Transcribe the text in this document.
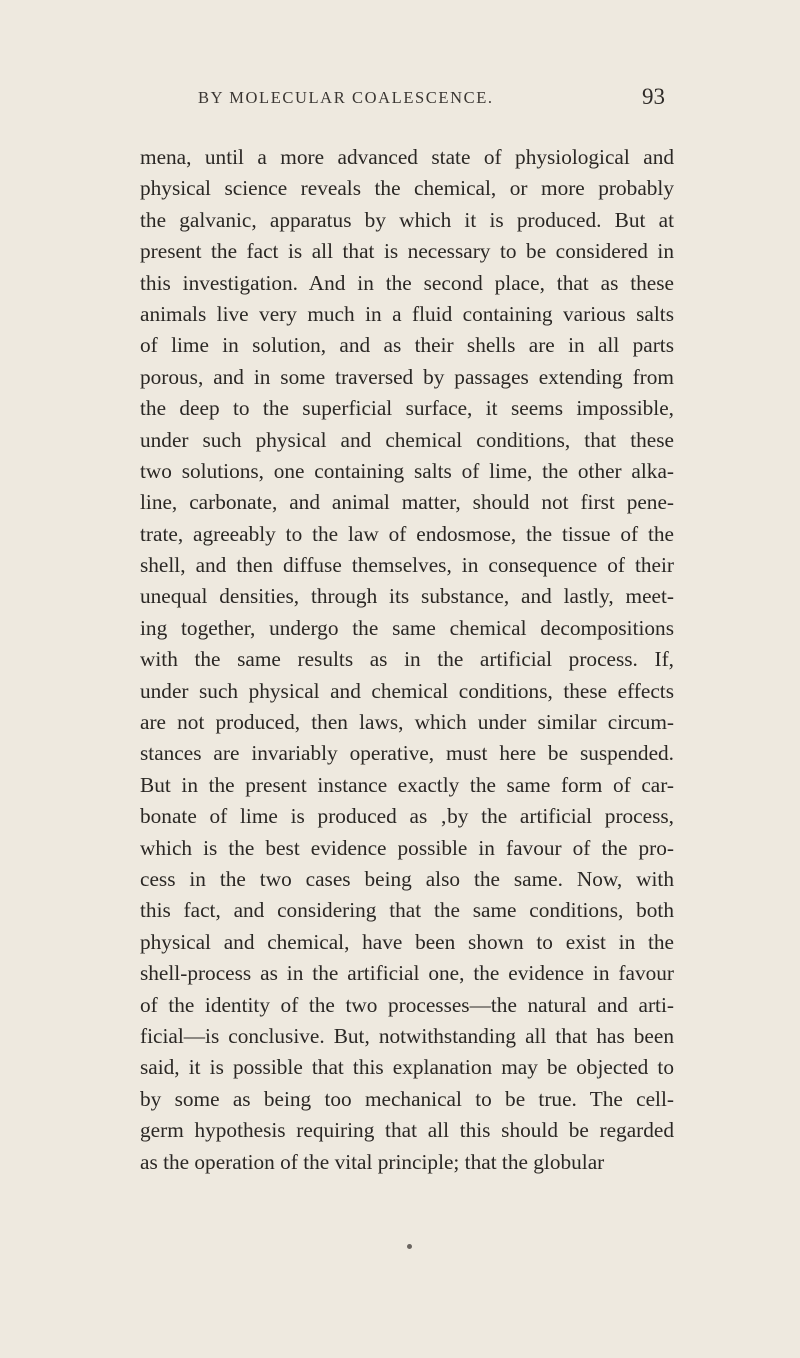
BY MOLECULAR COALESCENCE.	93
mena, until a more advanced state of physiological and
physical science reveals the chemical, or more probably
the galvanic, apparatus by which it is produced. But at
present the fact is all that is necessary to be considered in
this investigation. And in the second place, that as these
animals live very much in a fluid containing various salts
of lime in solution, and as their shells are in all parts
porous, and in some traversed by passages extending from
the deep to the superficial surface, it seems impossible,
under such physical and chemical conditions, that these
two solutions, one containing salts of lime, the other alka-
line, carbonate, and animal matter, should not first pene-
trate, agreeably to the law of endosmose, the tissue of the
shell, and then diffuse themselves, in consequence of their
unequal densities, through its substance, and lastly, meet-
ing together, undergo the same chemical decompositions
with the same results as in the artificial process. If,
under such physical and chemical conditions, these effects
are not produced, then laws, which under similar circum-
stances are invariably operative, must here be suspended.
But in the present instance exactly the same form of car-
bonate of lime is produced as ‚by the artificial process,
which is the best evidence possible in favour of the pro-
cess in the two cases being also the same. Now, with
this fact, and considering that the same conditions, both
physical and chemical, have been shown to exist in the
shell-process as in the artificial one, the evidence in favour
of the identity of the two processes—the natural and arti-
ficial—is conclusive. But, notwithstanding all that has been
said, it is possible that this explanation may be objected to
by some as being too mechanical to be true. The cell-
germ hypothesis requiring that all this should be regarded
as the operation of the vital principle; that the globular
